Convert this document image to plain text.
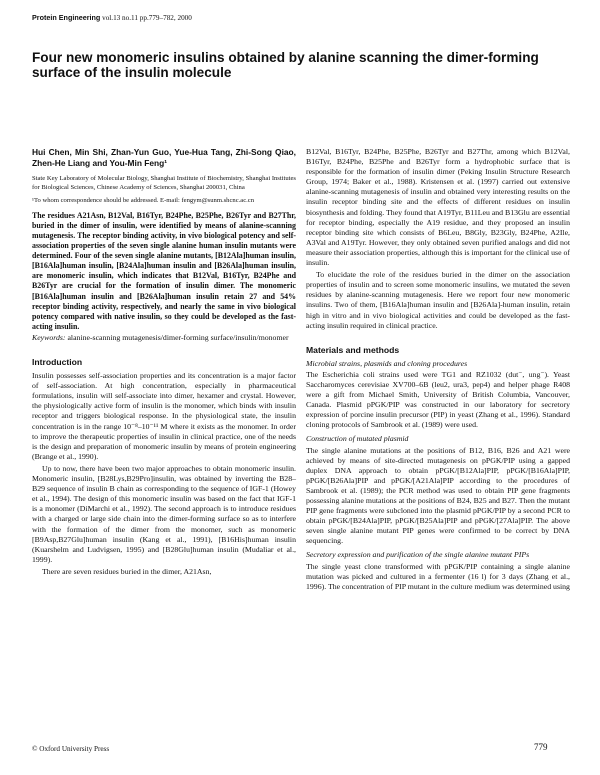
Protein Engineering vol.13 no.11 pp.779–782, 2000
Four new monomeric insulins obtained by alanine scanning the dimer-forming surface of the insulin molecule
Hui Chen, Min Shi, Zhan-Yun Guo, Yue-Hua Tang, Zhi-Song Qiao, Zhen-He Liang and You-Min Feng¹
State Key Laboratory of Molecular Biology, Shanghai Institute of Biochemistry, Shanghai Institutes for Biological Sciences, Chinese Academy of Sciences, Shanghai 200031, China
¹To whom correspondence should be addressed. E-mail: fengym@sunm.shcnc.ac.cn
The residues A21Asn, B12Val, B16Tyr, B24Phe, B25Phe, B26Tyr and B27Thr, buried in the dimer of insulin, were identified by means of alanine-scanning mutagenesis. The receptor binding activity, in vivo biological potency and self-association properties of the seven single alanine human insulin mutants were determined. Four of the seven single alanine mutants, [B12Ala]human insulin, [B16Ala]human insulin, [B24Ala]human insulin and [B26Ala]human insulin, are monomeric insulin, which indicates that B12Val, B16Tyr, B24Phe and B26Tyr are crucial for the formation of insulin dimer. The monomeric [B16Ala]human insulin and [B26Ala]human insulin retain 27 and 54% receptor binding activity, respectively, and nearly the same in vivo biological potency compared with native insulin, so they could be developed as the fast-acting insulin.
Keywords: alanine-scanning mutagenesis/dimer-forming surface/insulin/monomer
Introduction

Insulin possesses self-association properties and its concentration is a major factor of self-association. At high concentration, especially in pharmaceutical formulations, insulin will self-associate into dimer, hexamer and crystal. However, the physiologically active form of insulin is the monomer, which binds with insulin receptor and triggers biological response. In the physiological state, the insulin concentration is in the range 10⁻⁸–10⁻¹¹ M where it exists as the monomer. In order to improve the therapeutic properties of insulin in clinical practice, one of the needs is the design and preparation of monomeric insulin by means of protein engineering (Brange et al., 1990).

Up to now, there have been two major approaches to obtain monomeric insulin. Monomeric insulin, [B28Lys,B29Pro]insulin, was obtained by inverting the B28–B29 sequence of insulin B chain as corresponding to the sequence of IGF-1 (Howey et al., 1994). The design of this monomeric insulin was based on the fact that IGF-1 is a monomer (DiMarchi et al., 1992). The second approach is to introduce residues with a charged or large side chain into the dimer-forming surface so as to interfere with the formation of the dimer from the monomer, such as monomeric [B9Asp,B27Glu]human insulin (Kang et al., 1991), [B16His]human insulin (Kuarshelm and Ludvigsen, 1995) and [B28Glu]human insulin (Mudaliar et al., 1999).

There are seven residues buried in the dimer, A21Asn,

B12Val, B16Tyr, B24Phe, B25Phe, B26Tyr and B27Thr, among which B12Val, B16Tyr, B24Phe, B25Phe and B26Tyr form a hydrophobic surface that is responsible for the formation of insulin dimer (Peking Insulin Structure Research Group, 1974; Baker et al., 1988). Kristensen et al. (1997) carried out extensive alanine-scanning mutagenesis of insulin and obtained very interesting results on the insulin receptor binding site and the effects of different residues on insulin biosynthesis and folding. They found that A19Tyr, B11Leu and B13Glu are essential for receptor binding, especially the A19 residue, and they proposed an insulin receptor binding site which consists of B6Leu, B8Gly, B23Gly, B24Phe, A2Ile, A3Val and A19Tyr. However, they only obtained seven purified analogs and did not measure their association properties, although this is important for the clinical use of insulin.

To elucidate the role of the residues buried in the dimer on the association properties of insulin and to screen some monomeric insulins, we mutated the seven residues by alanine-scanning mutagenesis. Here we report four new monomeric insulins. Two of them, [B16Ala]human insulin and [B26Ala]-human insulin, retain high in vitro and in vivo biological activities and could be developed as the fast-acting insulin required in clinical practice.

Materials and methods
Microbial strains, plasmids and cloning procedures

The Escherichia coli strains used were TG1 and RZ1032 (dut⁻, ung⁻). Yeast Saccharomyces cerevisiae XV700–6B (leu2, ura3, pep4) and helper phage R408 were a gift from Michael Smith, University of British Columbia, Vancouver, Canada. Plasmid pPGK/PIP was constructed in our laboratory for secretory expression of porcine insulin precursor (PIP) in yeast (Zhang et al., 1996). Standard cloning protocols of Sambrook et al. (1989) were used.

Construction of mutated plasmid

The single alanine mutations at the positions of B12, B16, B26 and A21 were achieved by means of site-directed mutagenesis on pPGK/PIP using a gapped duplex DNA approach to obtain pPGK/[B12Ala]PIP, pPGK/[B16Ala]PIP, pPGK/[B26Ala]PIP and pPGK/[A21Ala]PIP according to the procedures of Sambrook et al. (1989); the PCR method was used to obtain PIP gene fragments possessing alanine mutations at the positions of B24, B25 and B27. Then the mutant PIP gene fragments were subcloned into the plasmid pPGK/PIP by a second PCR to obtain pPGK/[B24Ala]PIP, pPGK/[B25Ala]PIP and pPGK/[27Ala]PIP. The above seven single alanine mutant PIP genes were confirmed to be correct by DNA sequencing.

Secretory expression and purification of the single alanine mutant PIPs

The single yeast clone transformed with pPGK/PIP containing a single alanine mutation was picked and cultured in a fermenter (16 l) for 3 days (Zhang et al., 1996). The concentration of PIP mutant in the culture medium was determined using

© Oxford University Press	779
